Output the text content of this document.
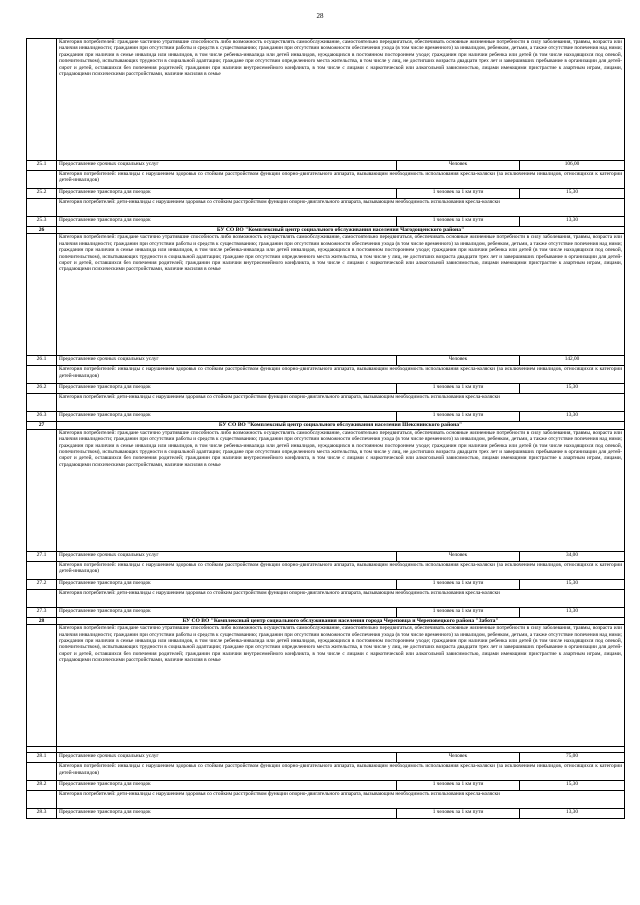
28
	Категория потребителей: граждане частично утратившие способность либо возможность осуществлять самообслуживание, самостоятельно передвигаться, обеспечивать основные жизненные потребности в силу заболевания, травмы, возраста или наличия инвалидности; гражданин при отсутствии работы и средств к существованию; гражданин при отсутствии возможности обеспечения ухода (в том числе временного) за инвалидом, ребенком, детьми, а также отсутствие попечения над ними; гражданин при наличии в семье инвалида или инвалидов, в том числе ребенка-инвалида или детей инвалидов, нуждающихся в постоянном постороннем уходе; гражданин при наличии ребенка или детей (в том числе находящихся под опекой, попечительством), испытывающих трудности в социальной адаптации; граждане при отсутствии определенного места жительства, в том числе у лиц, не достигших возраста двадцати трех лет и завершивших пребывание в организации для детей-сирот и детей, оставшихся без попечения родителей; гражданин при наличии внутрисемейного конфликта, в том числе с лицами с наркотической или алкогольной зависимостью, лицами имеющими пристрастие к азартным играм, лицами, страдающими психическими расстройствами, наличие насилия в семье		
25.1	Предоставление срочных социальных услуг	Человек	106,00
	Категория потребителей: инвалиды с нарушением здоровья со стойким расстройством функции опорно-двигательного аппарата, вызывающим необходимость использования кресла-коляски (за исключением инвалидов, относящихся к категории детей-инвалидов)		
25.2	Предоставление транспорта для поездок	1 человек за 1 км пути	15,30
	Категория потребителей: дети-инвалиды с нарушением здоровья со стойким расстройством функции опорно-двигательного аппарата, вызывающим необходимость использования кресла-коляски		
25.3	Предоставление транспорта для поездок	1 человек за 1 км пути	13,30
26	БУ СО ВО "Комплексный центр социального обслуживания населения Чагодощенского района"		
	Категория потребителей: граждане частично утратившие способность либо возможность осуществлять самообслуживание, самостоятельно передвигаться, обеспечивать основные жизненные потребности в силу заболевания, травмы, возраста или наличия инвалидности; гражданин при отсутствии работы и средств к существованию; гражданин при отсутствии возможности обеспечения ухода (в том числе временного) за инвалидом, ребенком, детьми, а также отсутствие попечения над ними; гражданин при наличии в семье инвалида или инвалидов, в том числе ребенка-инвалида или детей инвалидов, нуждающихся в постоянном постороннем уходе; гражданин при наличии ребенка или детей (в том числе находящихся под опекой, попечительством), испытывающих трудности в социальной адаптации; граждане при отсутствии определенного места жительства, в том числе у лиц, не достигших возраста двадцати трех лет и завершивших пребывание в организации для детей-сирот и детей, оставшихся без попечения родителей; гражданин при наличии внутрисемейного конфликта, в том числе с лицами с наркотической или алкогольной зависимостью, лицами имеющими пристрастие к азартным играм, лицами, страдающими психическими расстройствами, наличие насилия в семье		
26.1	Предоставление срочных социальных услуг	Человек	142,00
	Категория потребителей: инвалиды с нарушением здоровья со стойким расстройством функции опорно-двигательного аппарата, вызывающим необходимость использования кресла-коляски (за исключением инвалидов, относящихся к категории детей-инвалидов)		
26.2	Предоставление транспорта для поездок	1 человек за 1 км пути	15,30
	Категория потребителей: дети-инвалиды с нарушением здоровья со стойким расстройством функции опорно-двигательного аппарата, вызывающим необходимость использования кресла-коляски		
26.3	Предоставление транспорта для поездок	1 человек за 1 км пути	13,30
27	БУ СО ВО "Комплексный центр социального обслуживания населения Шекснинского района"		
	Категория потребителей: граждане частично утратившие способность либо возможность осуществлять самообслуживание, самостоятельно передвигаться, обеспечивать основные жизненные потребности в силу заболевания, травмы, возраста или наличия инвалидности; гражданин при отсутствии работы и средств к существованию; гражданин при отсутствии возможности обеспечения ухода (в том числе временного) за инвалидом, ребенком, детьми, а также отсутствие попечения над ними; гражданин при наличии в семье инвалида или инвалидов, в том числе ребенка-инвалида или детей инвалидов, нуждающихся в постоянном постороннем уходе; гражданин при наличии ребенка или детей (в том числе находящихся под опекой, попечительством), испытывающих трудности в социальной адаптации; граждане при отсутствии определенного места жительства, в том числе у лиц, не достигших возраста двадцати трех лет и завершивших пребывание в организации для детей-сирот и детей, оставшихся без попечения родителей; гражданин при наличии внутрисемейного конфликта, в том числе с лицами с наркотической или алкогольной зависимостью, лицами имеющими пристрастие к азартным играм, лицами, страдающими психическими расстройствами, наличие насилия в семье		
27.1	Предоставление срочных социальных услуг	Человек	34,00
	Категория потребителей: инвалиды с нарушением здоровья со стойким расстройством функции опорно-двигательного аппарата, вызывающим необходимость использования кресла-коляски (за исключением инвалидов, относящихся к категории детей-инвалидов)		
27.2	Предоставление транспорта для поездок	1 человек за 1 км пути	15,30
	Категория потребителей: дети-инвалиды с нарушением здоровья со стойким расстройством функции опорно-двигательного аппарата, вызывающим необходимость использования кресла-коляски		
27.3	Предоставление транспорта для поездок	1 человек за 1 км пути	13,30
28	БУ СО ВО "Комплексный центр социального обслуживания населения города Череповца и Череповецкого района "Забота"		
	Категория потребителей: граждане частично утратившие способность либо возможность осуществлять самообслуживание, самостоятельно передвигаться, обеспечивать основные жизненные потребности в силу заболевания, травмы, возраста или наличия инвалидности; гражданин при отсутствии работы и средств к существованию; гражданин при отсутствии возможности обеспечения ухода (в том числе временного) за инвалидом, ребенком, детьми, а также отсутствие попечения над ними; гражданин при наличии в семье инвалида или инвалидов, в том числе ребенка-инвалида или детей инвалидов, нуждающихся в постоянном постороннем уходе; гражданин при наличии ребенка или детей (в том числе находящихся под опекой, попечительством), испытывающих трудности в социальной адаптации; граждане при отсутствии определенного места жительства, в том числе у лиц, не достигших возраста двадцати трех лет и завершивших пребывание в организации для детей-сирот и детей, оставшихся без попечения родителей; гражданин при наличии внутрисемейного конфликта, в том числе с лицами с наркотической или алкогольной зависимостью, лицами имеющими пристрастие к азартным играм, лицами, страдающими психическими расстройствами, наличие насилия в семье		

28.1	Предоставление срочных социальных услуг	Человек	75,00
	Категория потребителей: инвалиды с нарушением здоровья со стойким расстройством функции опорно-двигательного аппарата, вызывающим необходимость использования кресла-коляски (за исключением инвалидов, относящихся к категории детей-инвалидов)		
28.2	Предоставление транспорта для поездок	1 человек за 1 км пути	15,30
	Категория потребителей: дети-инвалиды с нарушением здоровья со стойким расстройством функции опорно-двигательного аппарата, вызывающим необходимость использования кресла-коляски		
28.3	Предоставление транспорта для поездок	1 человек за 1 км пути	13,30
